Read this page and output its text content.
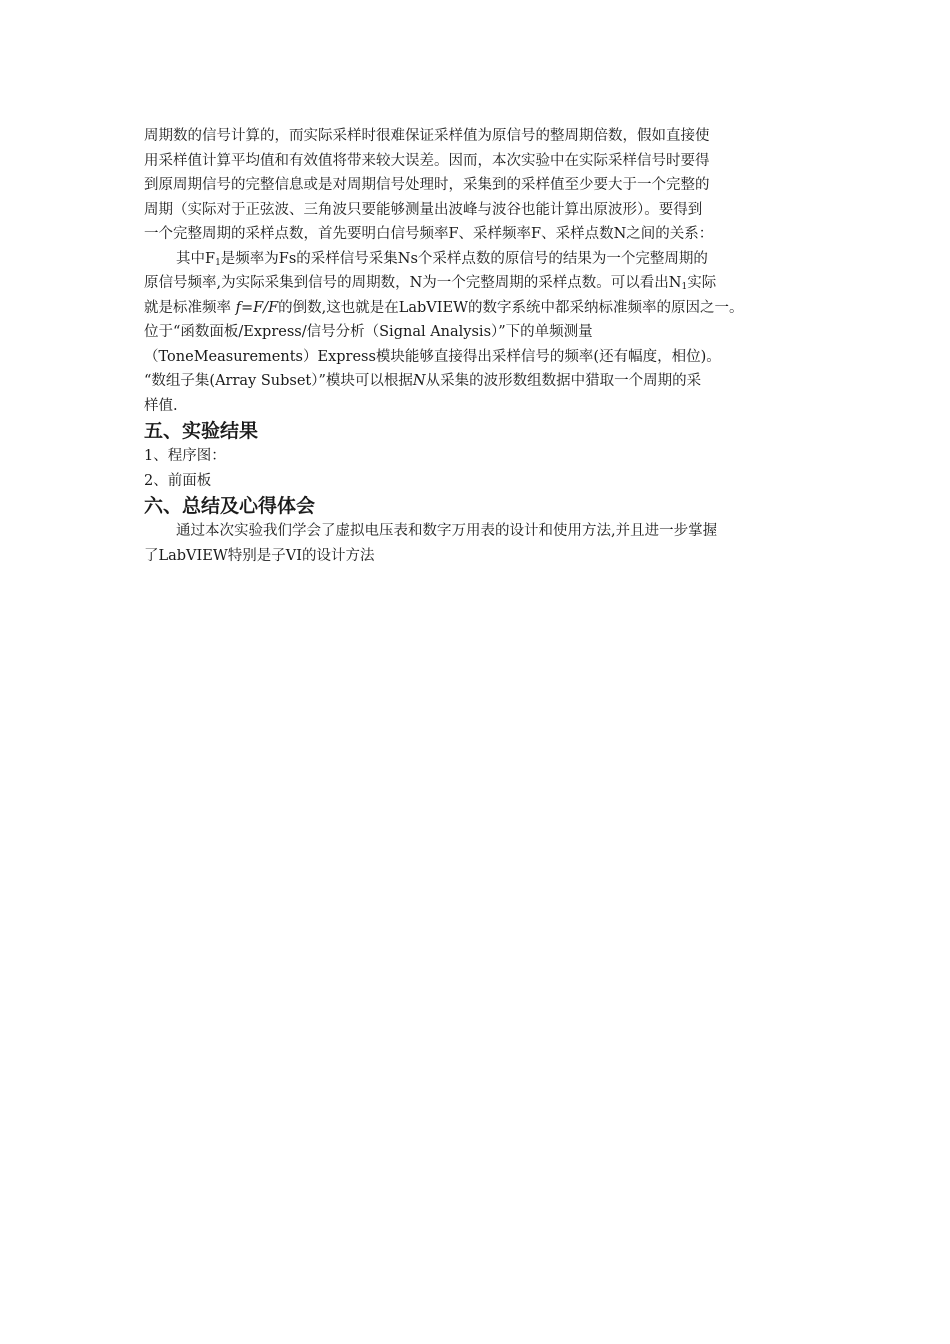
周期数的信号计算的，而实际采样时很难保证采样值为原信号的整周期倍数，假如直接使
用采样值计算平均值和有效值将带来较大误差。因而，本次实验中在实际采样信号时要得
到原周期信号的完整信息或是对周期信号处理时，采集到的采样值至少要大于一个完整的
周期（实际对于正弦波、三角波只要能够测量出波峰与波谷也能计算出原波形）。要得到
一个完整周期的采样点数，首先要明白信号频率F、采样频率F、采样点数N之间的关系：
其中$F_1$是频率为Fs的采样信号采集Ns个采样点数的原信号的结果为一个完整周期的
原信号频率,为实际采集到信号的周期数，N为一个完整周期的采样点数。可以看出$N_1$实际
就是标准频率 f=F/F的倒数,这也就是在LabVIEW的数字系统中都采纳标准频率的原因之一。
位于“函数面板/Express/信号分析（Signal Analysis）”下的单频测量
（ToneMeasurements）Express模块能够直接得出采样信号的频率(还有幅度，相位)。
“数组子集(Array Subset）”模块可以根据N从采集的波形数组数据中猎取一个周期的采
样值.
五、实验结果
1、程序图：
2、前面板
六、总结及心得体会
通过本次实验我们学会了虚拟电压表和数字万用表的设计和使用方法,并且进一步掌握
了LabVIEW特别是子VI的设计方法
